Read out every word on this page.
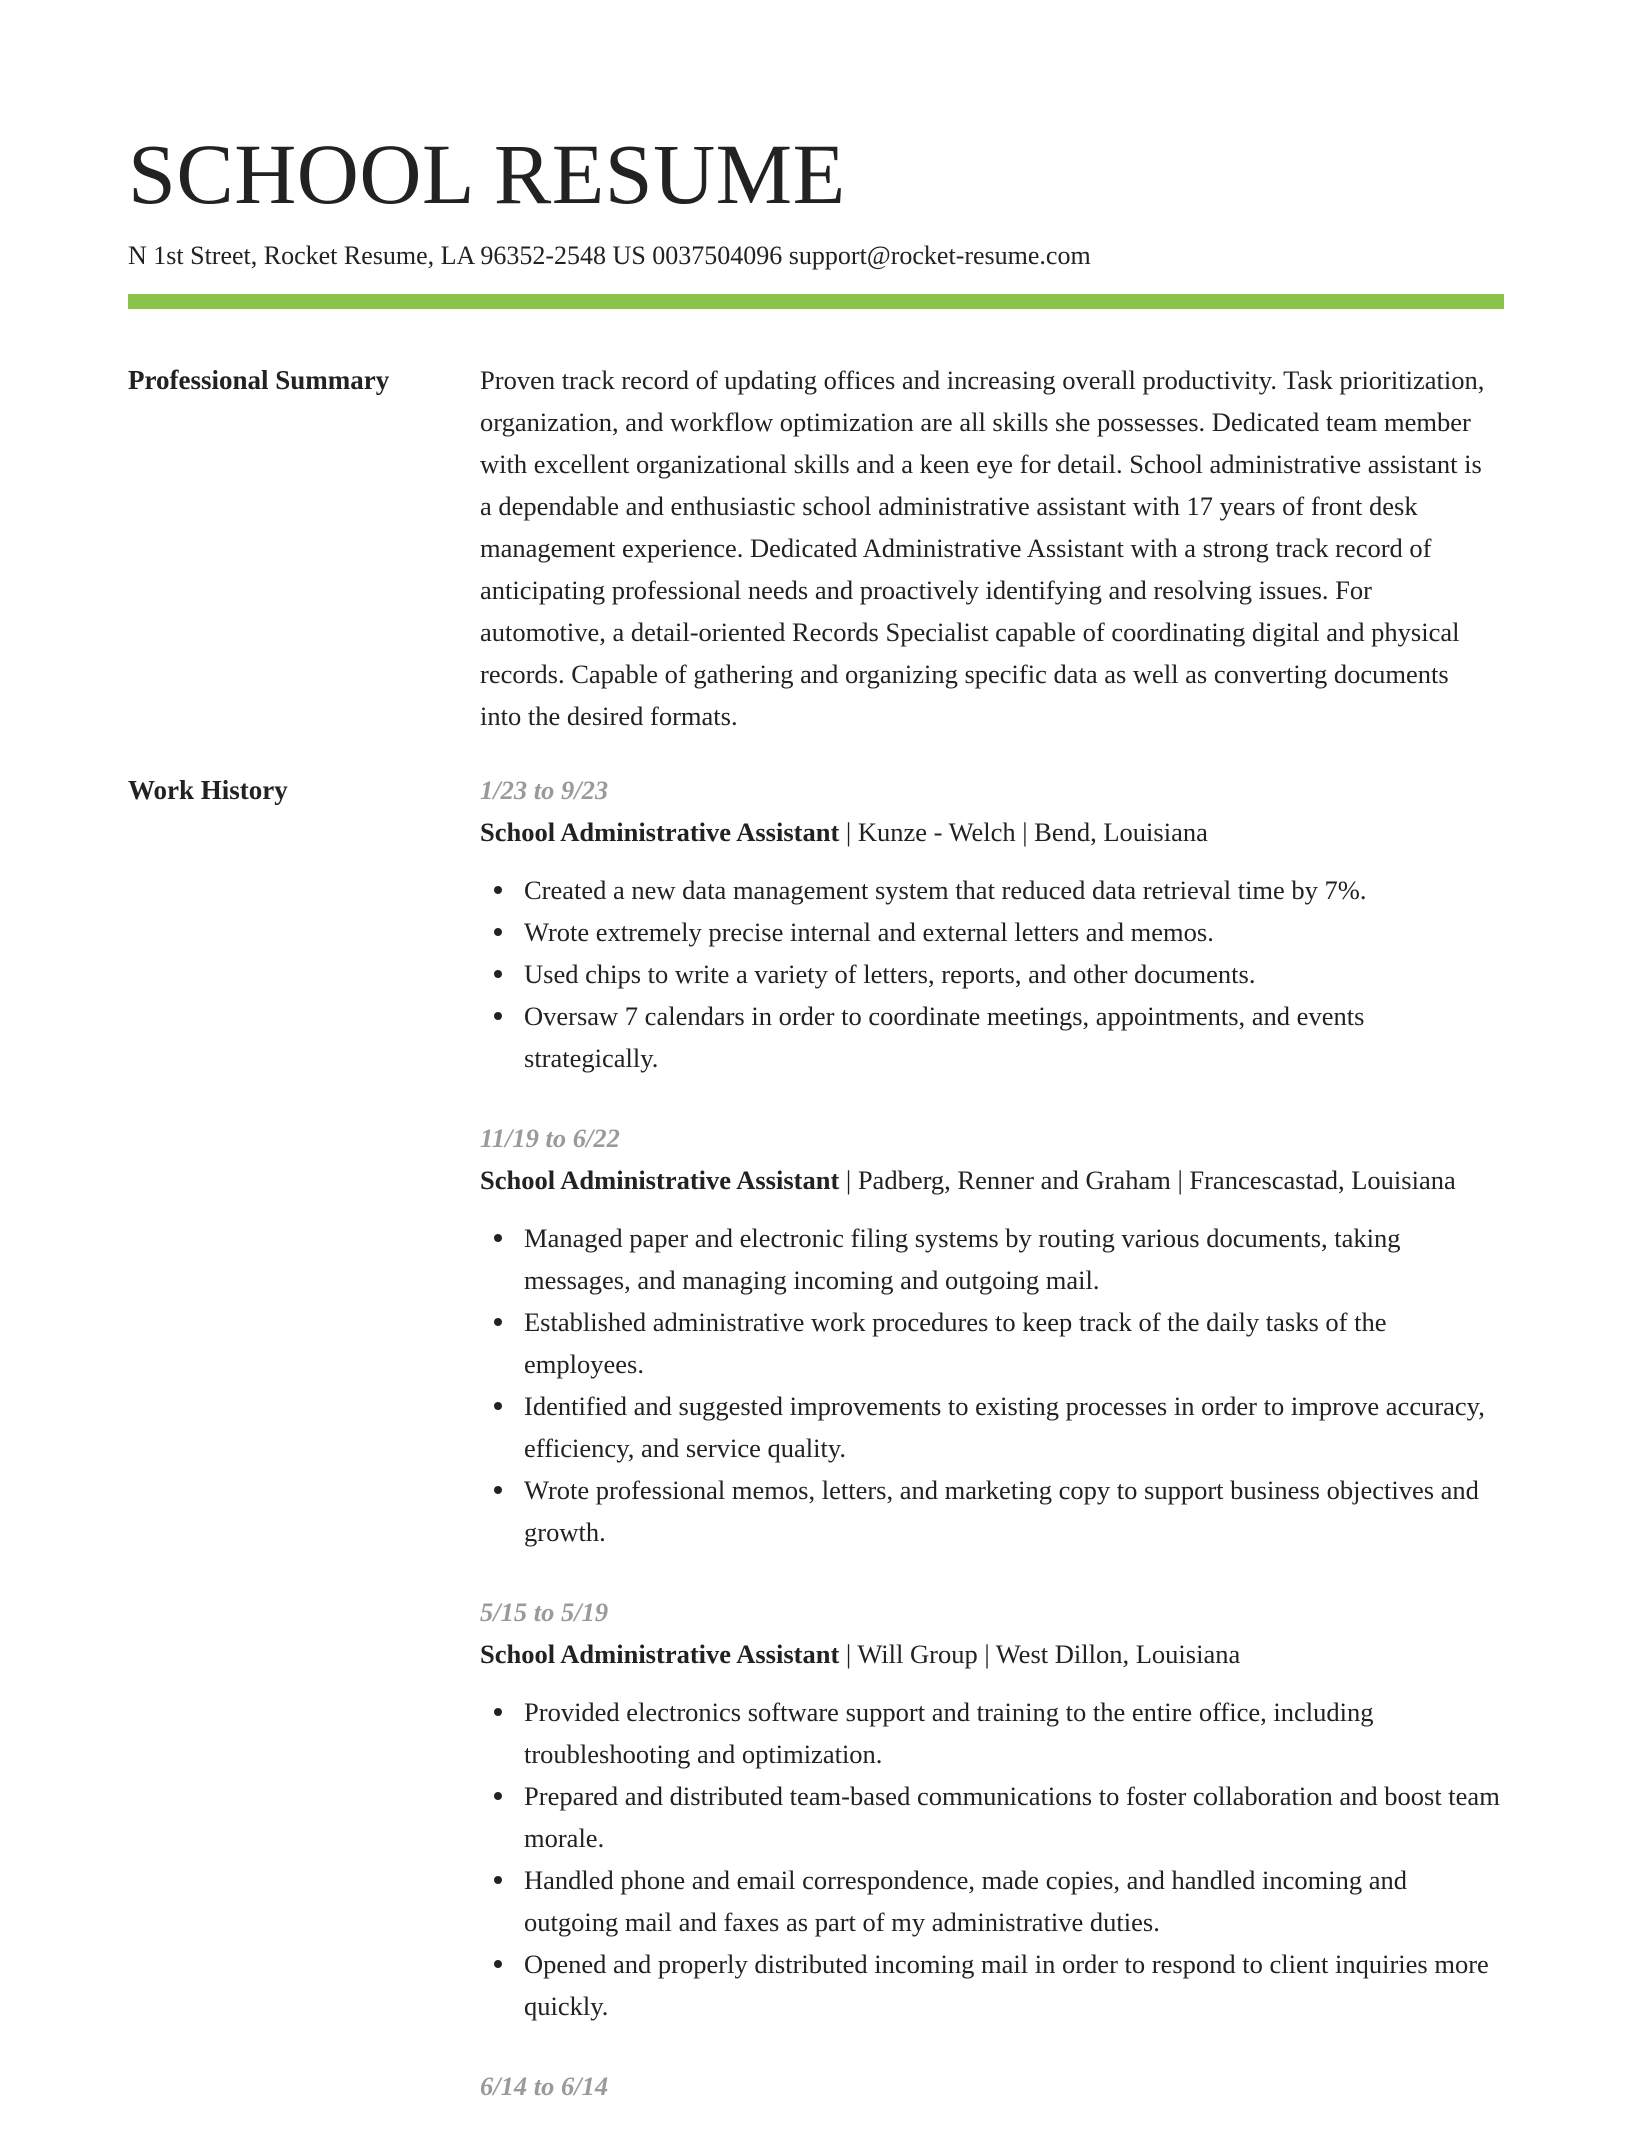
SCHOOL RESUME
N 1st Street, Rocket Resume, LA 96352-2548 US 0037504096 support@rocket-resume.com
Professional Summary	Proven track record of updating offices and increasing overall productivity. Task prioritization, organization, and workflow optimization are all skills she possesses. Dedicated team member with excellent organizational skills and a keen eye for detail. School administrative assistant is a dependable and enthusiastic school administrative assistant with 17 years of front desk management experience. Dedicated Administrative Assistant with a strong track record of anticipating professional needs and proactively identifying and resolving issues. For automotive, a detail-oriented Records Specialist capable of coordinating digital and physical records. Capable of gathering and organizing specific data as well as converting documents into the desired formats.

Work History	1/23 to 9/23
School Administrative Assistant | Kunze - Welch | Bend, Louisiana
Created a new data management system that reduced data retrieval time by 7%.
Wrote extremely precise internal and external letters and memos.
Used chips to write a variety of letters, reports, and other documents.
Oversaw 7 calendars in order to coordinate meetings, appointments, and events strategically.
11/19 to 6/22
School Administrative Assistant | Padberg, Renner and Graham | Francescastad, Louisiana
Managed paper and electronic filing systems by routing various documents, taking messages, and managing incoming and outgoing mail.
Established administrative work procedures to keep track of the daily tasks of the employees.
Identified and suggested improvements to existing processes in order to improve accuracy, efficiency, and service quality.
Wrote professional memos, letters, and marketing copy to support business objectives and growth.
5/15 to 5/19
School Administrative Assistant | Will Group | West Dillon, Louisiana
Provided electronics software support and training to the entire office, including troubleshooting and optimization.
Prepared and distributed team-based communications to foster collaboration and boost team morale.
Handled phone and email correspondence, made copies, and handled incoming and outgoing mail and faxes as part of my administrative duties.
Opened and properly distributed incoming mail in order to respond to client inquiries more quickly.
6/14 to 6/14
